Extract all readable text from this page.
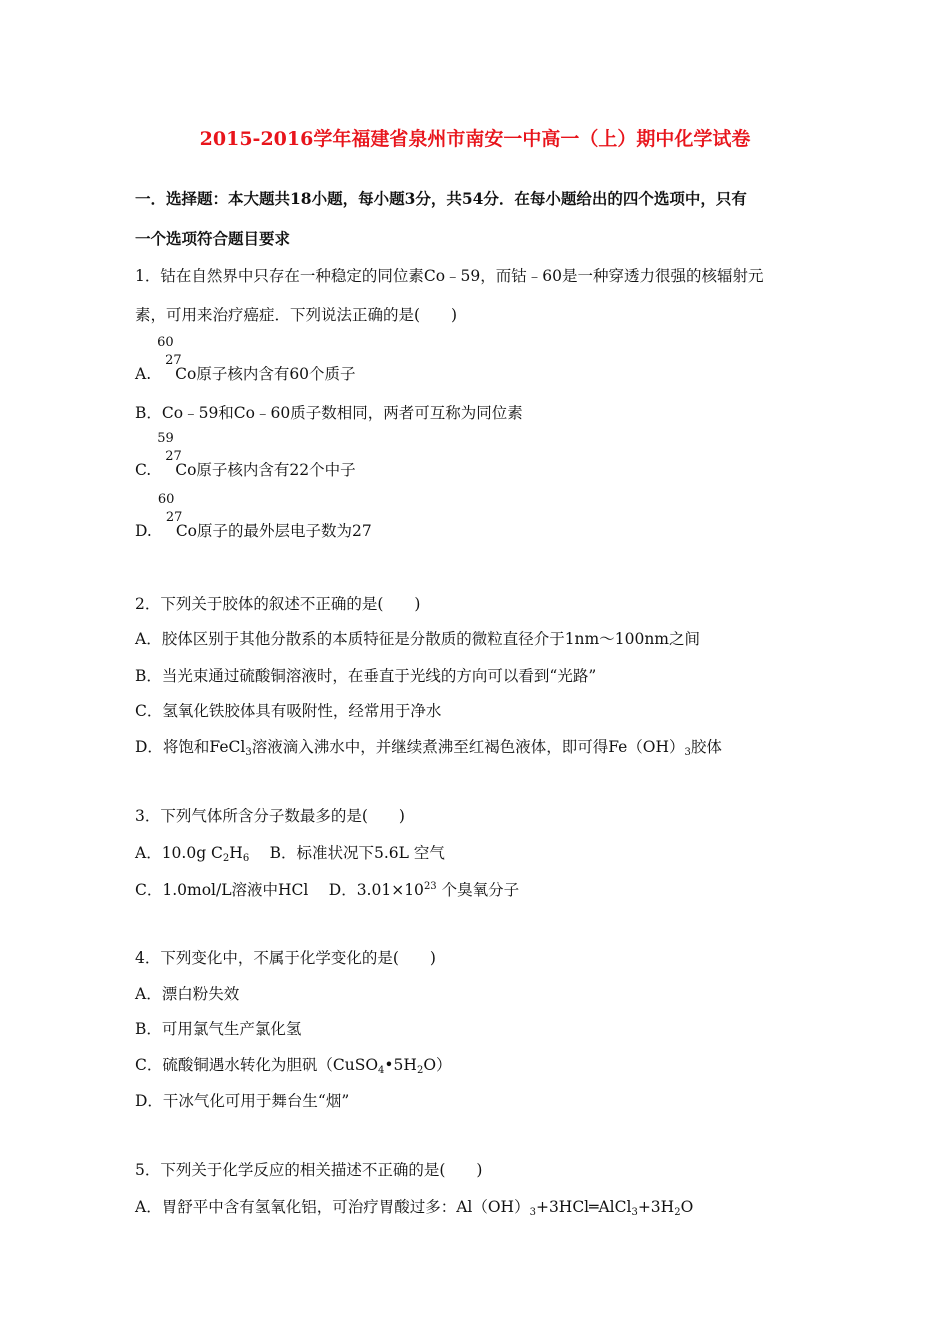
2015-2016学年福建省泉州市南安一中高一（上）期中化学试卷
一．选择题：本大题共18小题，每小题3分，共54分．在每小题给出的四个选项中，只有
一个选项符合题目要求
1．钴在自然界中只存在一种稳定的同位素Co﹣59，而钴﹣60是一种穿透力很强的核辐射元
素，可用来治疗癌症．下列说法正确的是(　　)
A.
60
27
Co原子核内含有60个质子
B．Co﹣59和Co﹣60质子数相同，两者可互称为同位素
C.
59
27
Co原子核内含有22个中子
D.
60
27
Co原子的最外层电子数为27
2．下列关于胶体的叙述不正确的是(　　)
A．胶体区别于其他分散系的本质特征是分散质的微粒直径介于1nm～100nm之间
B．当光束通过硫酸铜溶液时，在垂直于光线的方向可以看到“光路”
C．氢氧化铁胶体具有吸附性，经常用于净水
D．将饱和FeCl$_3$溶液滴入沸水中，并继续煮沸至红褐色液体，即可得$Fe(OH)_3$胶体
3．下列气体所含分子数最多的是(　　)
A．10.0g $C_2H_6$　 B．标准状况下5.6L 空气
C．1.0mol/L溶液中HCl　 D．$3.01\times 10^{23}$ 个臭氧分子
4．下列变化中，不属于化学变化的是(　　)
A．漂白粉失效
B．可用氯气生产氯化氢
C．硫酸铜遇水转化为胆矾$(CuSO_4•5H_2O)$
D．干冰气化可用于舞台生“烟”
5．下列关于化学反应的相关描述不正确的是(　　)
A．胃舒平中含有氢氧化铝，可治疗胃酸过多：$Al(OH)_3+3HCl═AlCl_3+3H_2O$
